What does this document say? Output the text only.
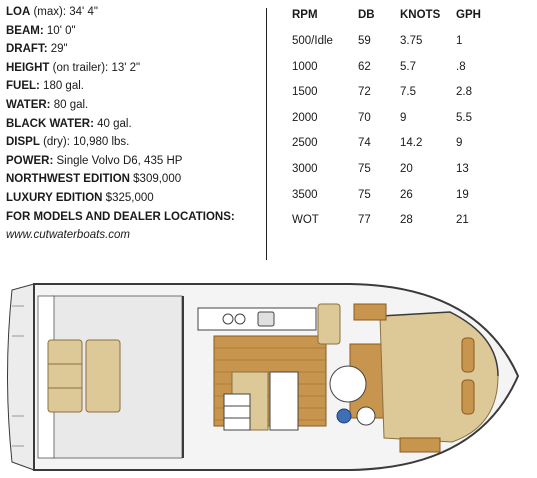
LOA (max): 34' 4"
BEAM: 10' 0"
DRAFT: 29"
HEIGHT (on trailer): 13' 2"
FUEL: 180 gal.
WATER: 80 gal.
BLACK WATER: 40 gal.
DISPL (dry): 10,980 lbs.
POWER: Single Volvo D6, 435 HP
NORTHWEST EDITION $309,000
LUXURY EDITION $325,000
FOR MODELS AND DEALER LOCATIONS:
www.cutwaterboats.com
RPM	DB	KNOTS	GPH
500/Idle	59	3.75	1
1000	62	5.7	.8
1500	72	7.5	2.8
2000	70	9	5.5
2500	74	14.2	9
3000	75	20	13
3500	75	26	19
WOT	77	28	21
